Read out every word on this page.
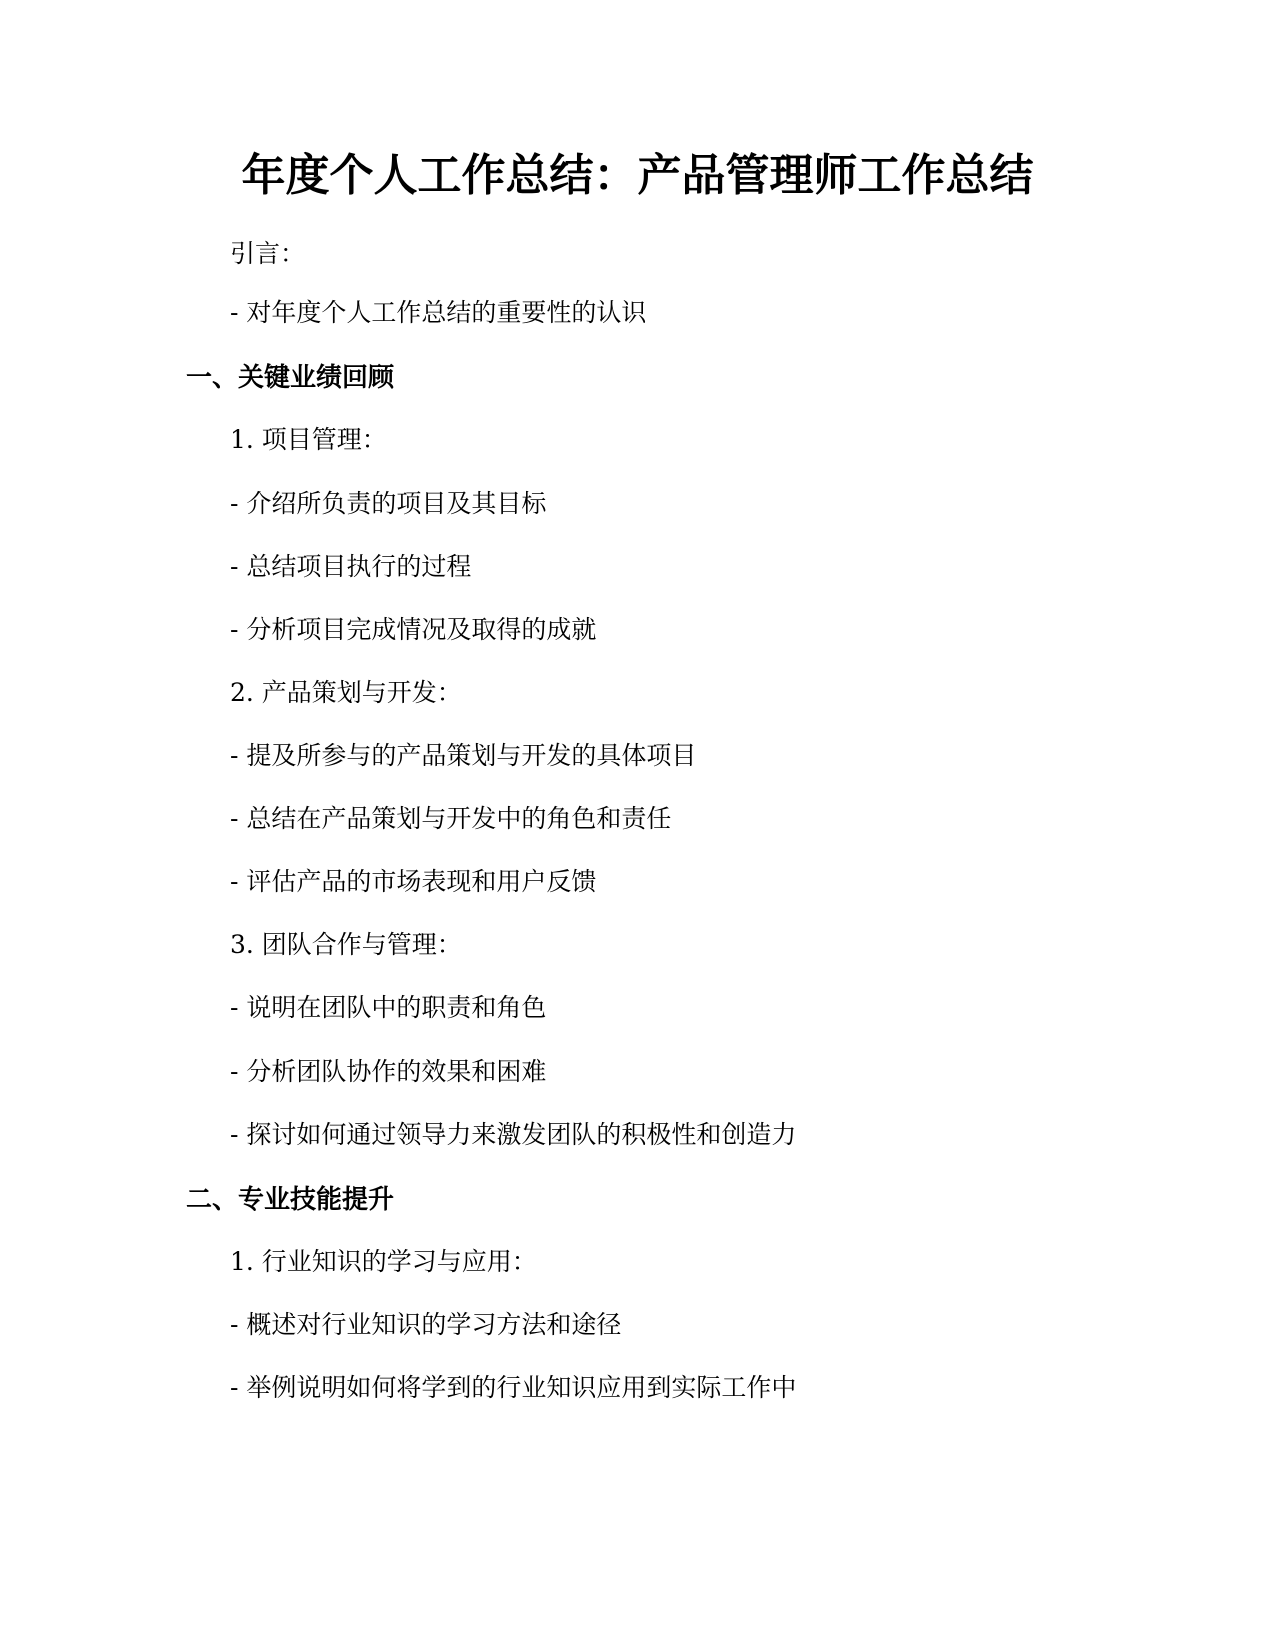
年度个人工作总结：产品管理师工作总结

引言：

- 对年度个人工作总结的重要性的认识

一、关键业绩回顾

1. 项目管理：

- 介绍所负责的项目及其目标

- 总结项目执行的过程

- 分析项目完成情况及取得的成就

2. 产品策划与开发：

- 提及所参与的产品策划与开发的具体项目

- 总结在产品策划与开发中的角色和责任

- 评估产品的市场表现和用户反馈

3. 团队合作与管理：

- 说明在团队中的职责和角色

- 分析团队协作的效果和困难

- 探讨如何通过领导力来激发团队的积极性和创造力

二、专业技能提升

1. 行业知识的学习与应用：

- 概述对行业知识的学习方法和途径

- 举例说明如何将学到的行业知识应用到实际工作中
